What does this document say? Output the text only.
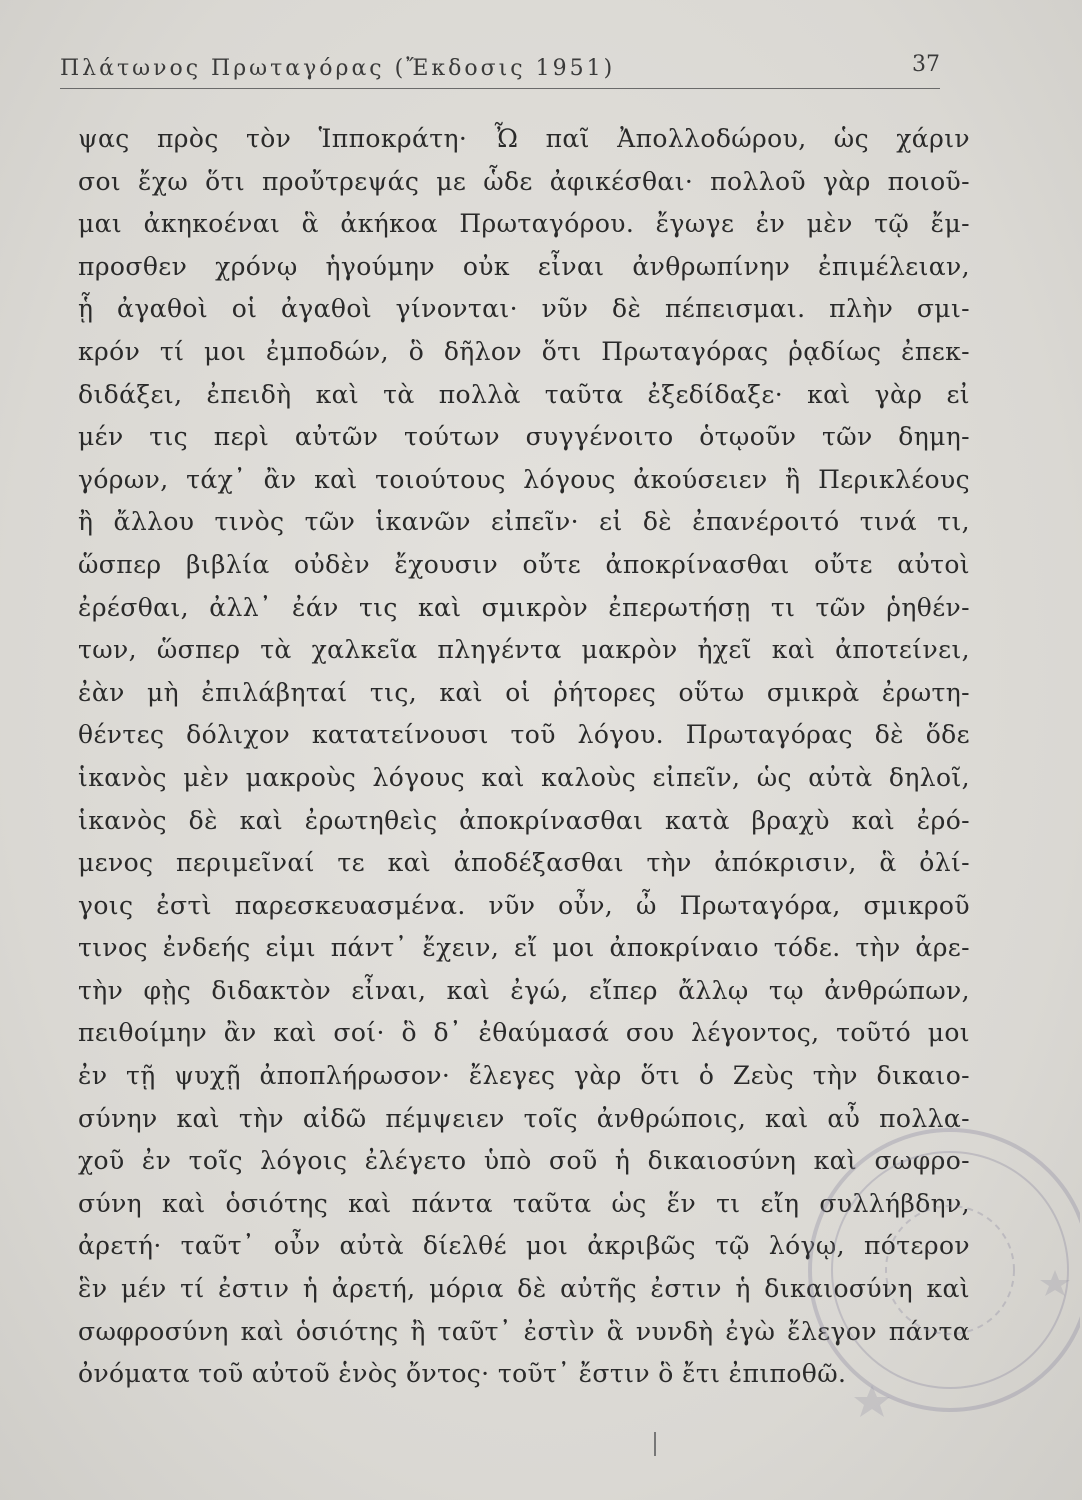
Πλάτωνος Πρωταγόρας (Ἔκδοσις 1951)	37
ψας πρὸς τὸν Ἱπποκράτη· Ὦ παῖ Ἀπολλοδώρου, ὡς χάριν
σοι ἔχω ὅτι προὔτρεψάς με ὧδε ἀφικέσθαι· πολλοῦ γὰρ ποιοῦ-
μαι ἀκηκοέναι ἃ ἀκήκοα Πρωταγόρου. ἔγωγε ἐν μὲν τῷ ἔμ-
προσθεν χρόνῳ ἡγούμην οὐκ εἶναι ἀνθρωπίνην ἐπιμέλειαν,
ᾗ ἀγαθοὶ οἱ ἀγαθοὶ γίνονται· νῦν δὲ πέπεισμαι. πλὴν σμι-
κρόν τί μοι ἐμποδών, ὃ δῆλον ὅτι Πρωταγόρας ῥᾳδίως ἐπεκ-
διδάξει, ἐπειδὴ καὶ τὰ πολλὰ ταῦτα ἐξεδίδαξε· καὶ γὰρ εἰ
μέν τις περὶ αὐτῶν τούτων συγγένοιτο ὁτῳοῦν τῶν δημη-
γόρων, τάχ᾽ ἂν καὶ τοιούτους λόγους ἀκούσειεν ἢ Περικλέους
ἢ ἄλλου τινὸς τῶν ἱκανῶν εἰπεῖν· εἰ δὲ ἐπανέροιτό τινά τι,
ὥσπερ βιβλία οὐδὲν ἔχουσιν οὔτε ἀποκρίνασθαι οὔτε αὐτοὶ
ἐρέσθαι, ἀλλ᾽ ἐάν τις καὶ σμικρὸν ἐπερωτήσῃ τι τῶν ῥηθέν-
των, ὥσπερ τὰ χαλκεῖα πληγέντα μακρὸν ἠχεῖ καὶ ἀποτείνει,
ἐὰν μὴ ἐπιλάβηταί τις, καὶ οἱ ῥήτορες οὕτω σμικρὰ ἐρωτη-
θέντες δόλιχον κατατείνουσι τοῦ λόγου. Πρωταγόρας δὲ ὅδε
ἱκανὸς μὲν μακροὺς λόγους καὶ καλοὺς εἰπεῖν, ὡς αὐτὰ δηλοῖ,
ἱκανὸς δὲ καὶ ἐρωτηθεὶς ἀποκρίνασθαι κατὰ βραχὺ καὶ ἐρό-
μενος περιμεῖναί τε καὶ ἀποδέξασθαι τὴν ἀπόκρισιν, ἃ ὀλί-
γοις ἐστὶ παρεσκευασμένα. νῦν οὖν, ὦ Πρωταγόρα, σμικροῦ
τινος ἐνδεής εἰμι πάντ᾽ ἔχειν, εἴ μοι ἀποκρίναιο τόδε. τὴν ἀρε-
τὴν φῂς διδακτὸν εἶναι, καὶ ἐγώ, εἴπερ ἄλλῳ τῳ ἀνθρώπων,
πειθοίμην ἂν καὶ σοί· ὃ δ᾽ ἐθαύμασά σου λέγοντος, τοῦτό μοι
ἐν τῇ ψυχῇ ἀποπλήρωσον· ἔλεγες γὰρ ὅτι ὁ Ζεὺς τὴν δικαιο-
σύνην καὶ τὴν αἰδῶ πέμψειεν τοῖς ἀνθρώποις, καὶ αὖ πολλα-
χοῦ ἐν τοῖς λόγοις ἐλέγετο ὑπὸ σοῦ ἡ δικαιοσύνη καὶ σωφρο-
σύνη καὶ ὁσιότης καὶ πάντα ταῦτα ὡς ἕν τι εἴη συλλήβδην,
ἀρετή· ταῦτ᾽ οὖν αὐτὰ δίελθέ μοι ἀκριβῶς τῷ λόγῳ, πότερον
ἓν μέν τί ἐστιν ἡ ἀρετή, μόρια δὲ αὐτῆς ἐστιν ἡ δικαιοσύνη καὶ
σωφροσύνη καὶ ὁσιότης ἢ ταῦτ᾽ ἐστὶν ἃ νυνδὴ ἐγὼ ἔλεγον πάντα
ὀνόματα τοῦ αὐτοῦ ἑνὸς ὄντος· τοῦτ᾽ ἔστιν ὃ ἔτι ἐπιποθῶ.
